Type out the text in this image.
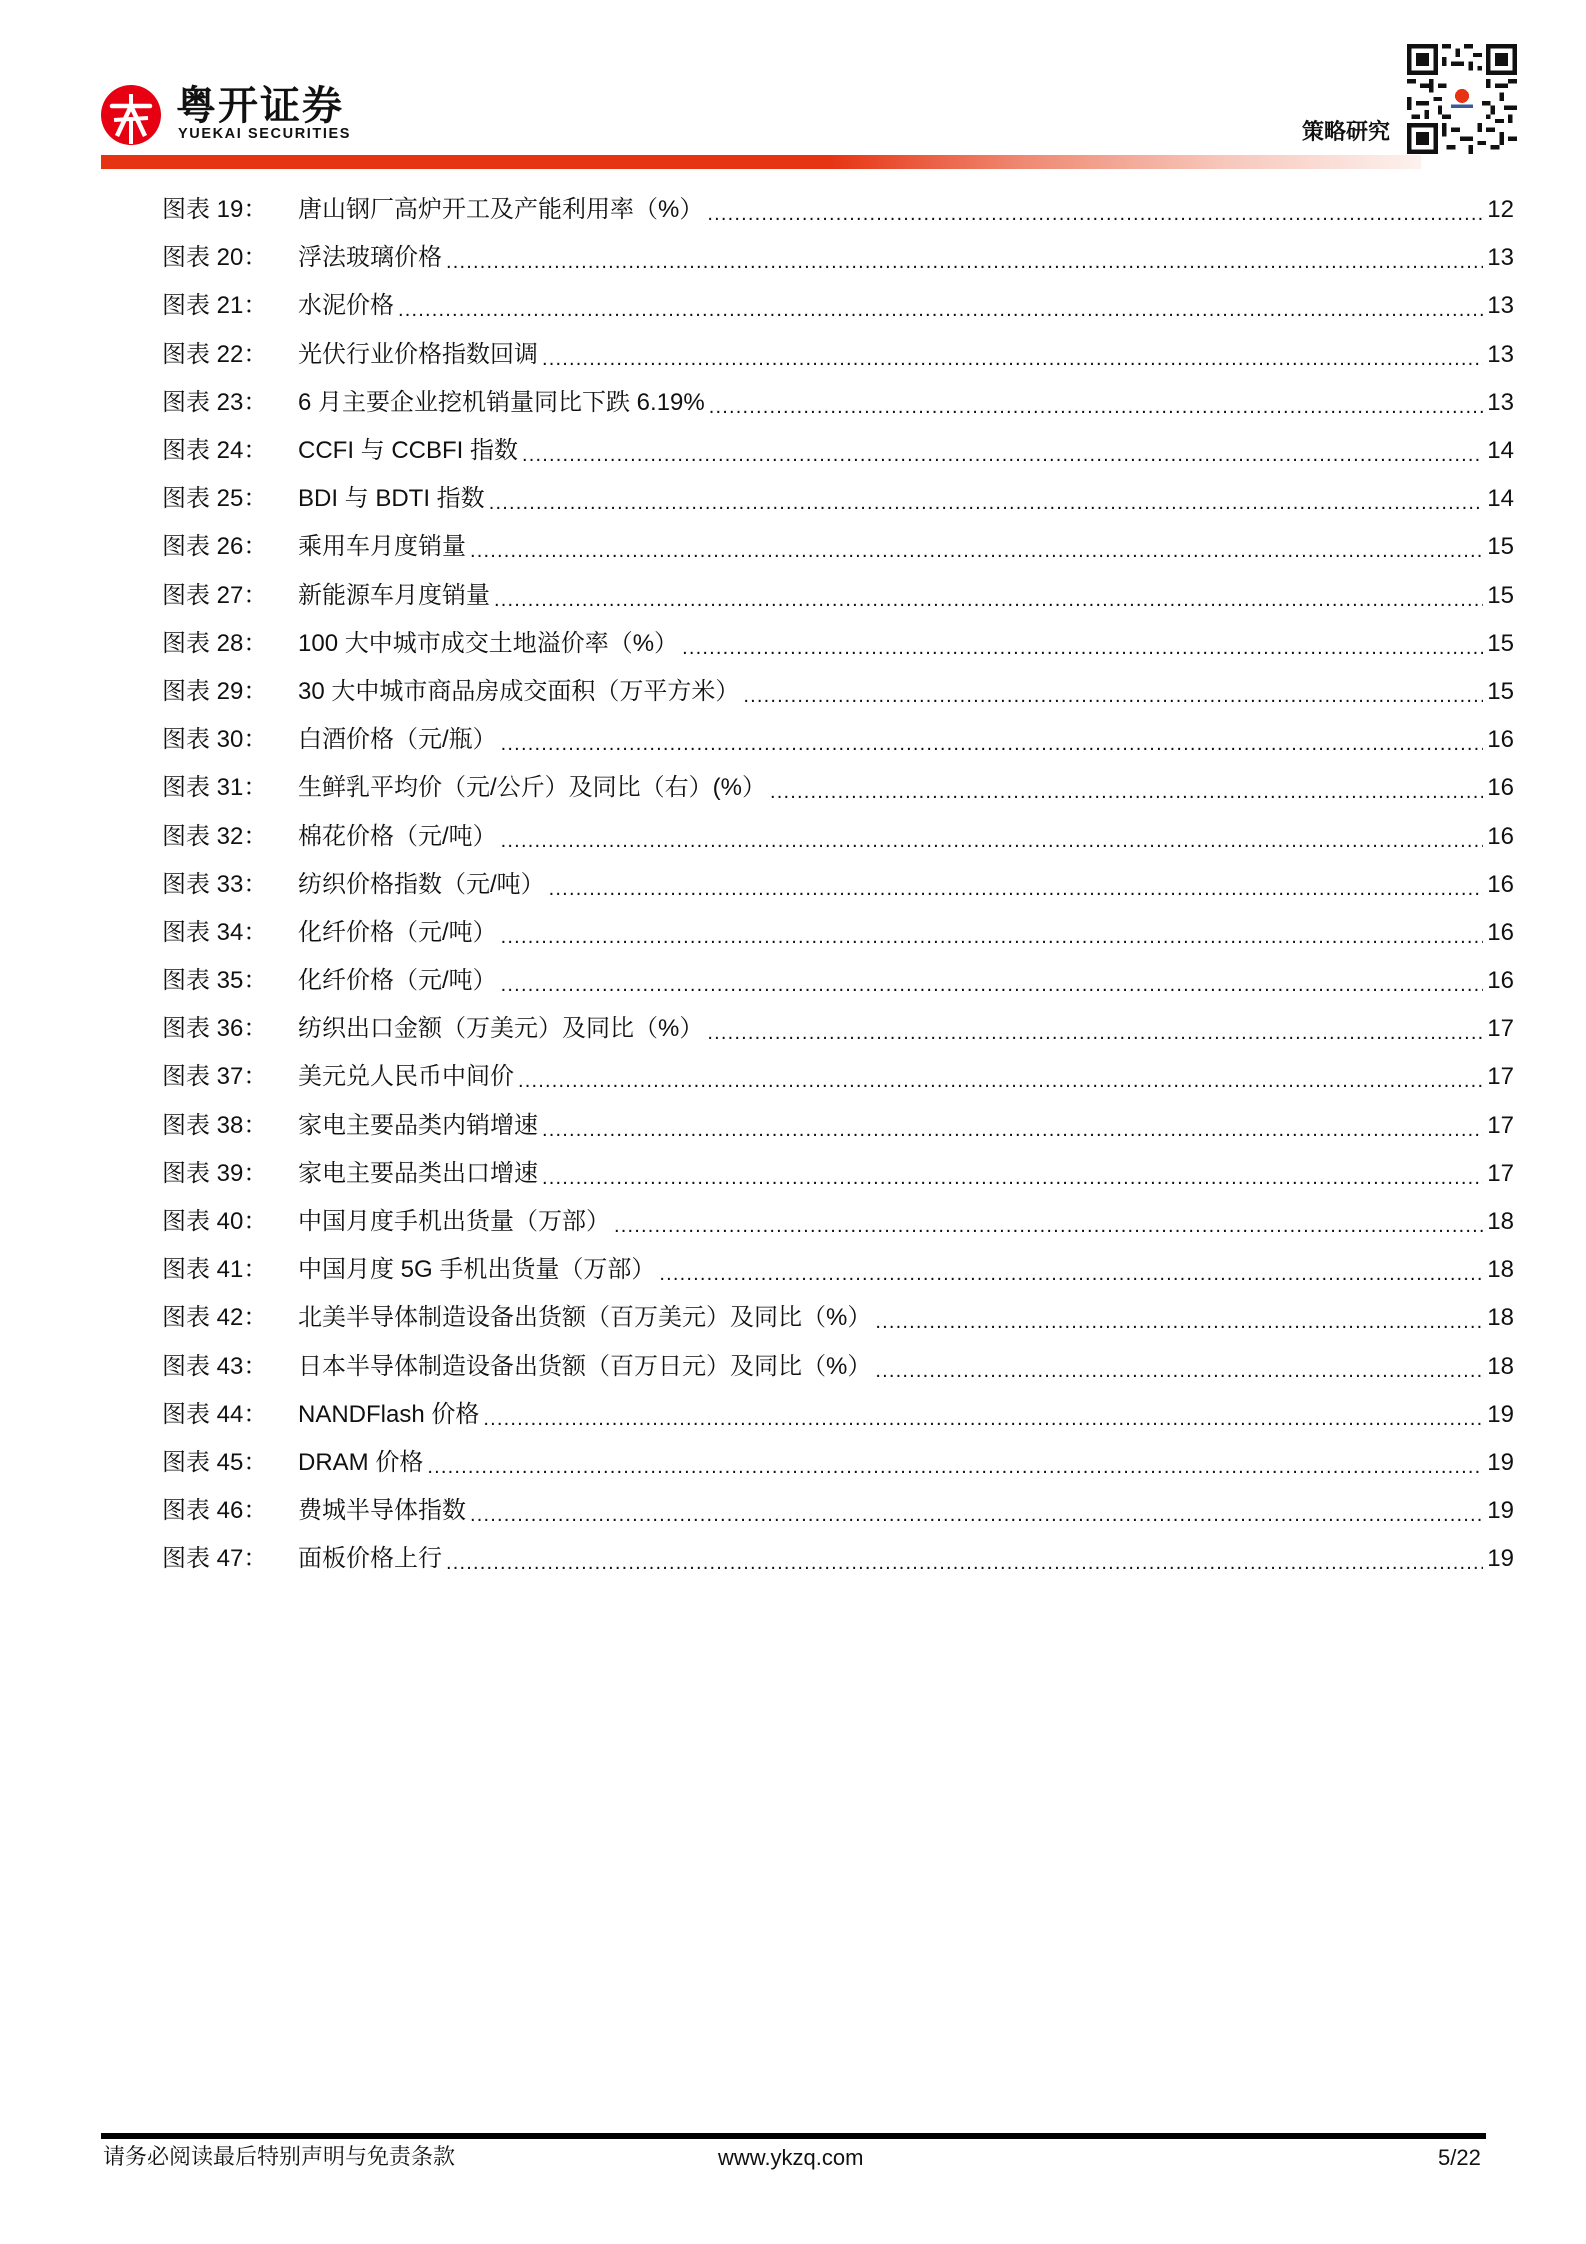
粤开证券
YUEKAI SECURITIES	策略研究
图表 19：	唐山钢厂高炉开工及产能利用率（%） .....	12
图表 20：	浮法玻璃价格 .....	13
图表 21：	水泥价格 .....	13
图表 22：	光伏行业价格指数回调 .....	13
图表 23：	6 月主要企业挖机销量同比下跌 6.19% .....	13
图表 24：	CCFI 与 CCBFI 指数 .....	14
图表 25：	BDI 与 BDTI 指数 .....	14
图表 26：	乘用车月度销量 .....	15
图表 27：	新能源车月度销量 .....	15
图表 28：	100 大中城市成交土地溢价率（%） .....	15
图表 29：	30 大中城市商品房成交面积（万平方米） .....	15
图表 30：	白酒价格（元/瓶） .....	16
图表 31：	生鲜乳平均价（元/公斤）及同比（右）(%） .....	16
图表 32：	棉花价格（元/吨） .....	16
图表 33：	纺织价格指数（元/吨） .....	16
图表 34：	化纤价格（元/吨） .....	16
图表 35：	化纤价格（元/吨） .....	16
图表 36：	纺织出口金额（万美元）及同比（%） .....	17
图表 37：	美元兑人民币中间价 .....	17
图表 38：	家电主要品类内销增速 .....	17
图表 39：	家电主要品类出口增速 .....	17
图表 40：	中国月度手机出货量（万部） .....	18
图表 41：	中国月度 5G 手机出货量（万部） .....	18
图表 42：	北美半导体制造设备出货额（百万美元）及同比（%） .....	18
图表 43：	日本半导体制造设备出货额（百万日元）及同比（%） .....	18
图表 44：	NANDFlash 价格 .....	19
图表 45：	DRAM 价格 .....	19
图表 46：	费城半导体指数 .....	19
图表 47：	面板价格上行 .....	19
请务必阅读最后特别声明与免责条款	www.ykzq.com	5/22
